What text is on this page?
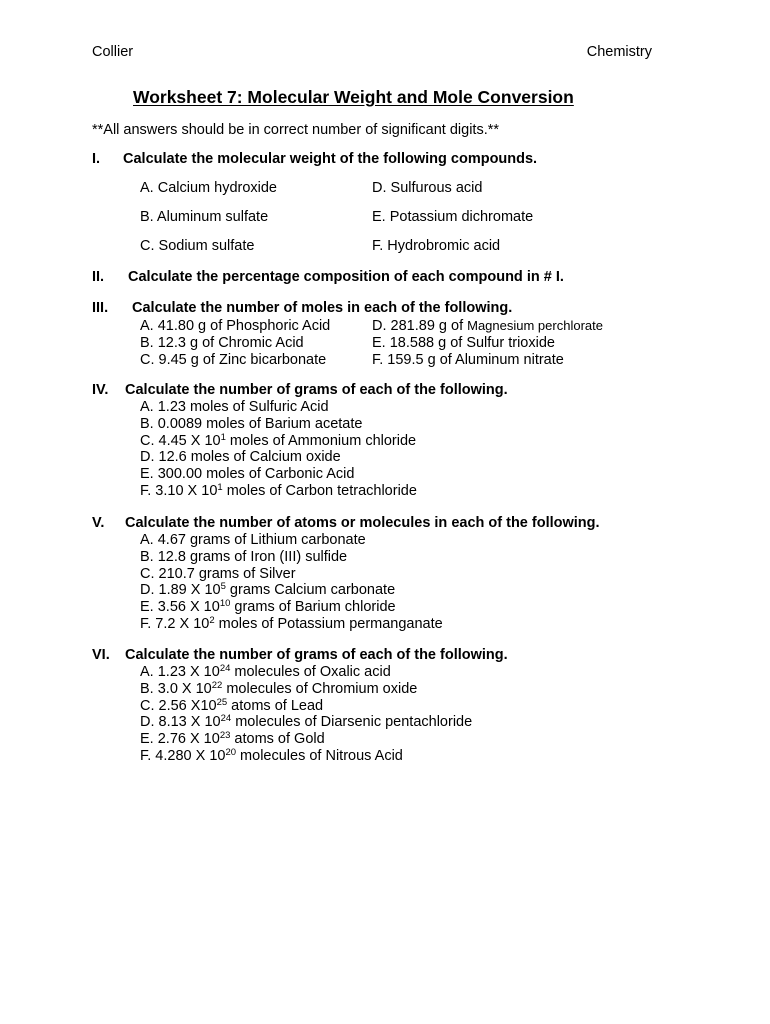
Collier	Chemistry
Worksheet 7: Molecular Weight and Mole Conversion
**All answers should be in correct number of significant digits.**
I. Calculate the molecular weight of the following compounds.
A. Calcium hydroxide	D. Sulfurous acid
B. Aluminum sulfate	E. Potassium dichromate
C. Sodium sulfate	F. Hydrobromic acid
II. Calculate the percentage composition of each compound in # I.
III. Calculate the number of moles in each of the following.
A. 41.80 g of Phosphoric Acid	D. 281.89 g of Magnesium perchlorate
B. 12.3 g of Chromic Acid	E. 18.588 g of Sulfur trioxide
C. 9.45 g of Zinc bicarbonate	F. 159.5 g of Aluminum nitrate
IV. Calculate the number of grams of each of the following.
A. 1.23 moles of Sulfuric Acid
B. 0.0089 moles of Barium acetate
C. 4.45 X $10^1$ moles of Ammonium chloride
D. 12.6 moles of Calcium oxide
E. 300.00 moles of Carbonic Acid
F. 3.10 X $10^1$ moles of Carbon tetrachloride
V. Calculate the number of atoms or molecules in each of the following.
A. 4.67 grams of Lithium carbonate
B. 12.8 grams of Iron (III) sulfide
C. 210.7 grams of Silver
D. 1.89 X $10^5$ grams Calcium carbonate
E. 3.56 X $10^{10}$ grams of Barium chloride
F. 7.2 X $10^2$ moles of Potassium permanganate
VI. Calculate the number of grams of each of the following.
A. 1.23 X $10^{24}$ molecules of Oxalic acid
B. 3.0 X $10^{22}$ molecules of Chromium oxide
C. 2.56 $X10^{25}$ atoms of Lead
D. 8.13 X $10^{24}$ molecules of Diarsenic pentachloride
E. 2.76 X $10^{23}$ atoms of Gold
F. 4.280 X $10^{20}$ molecules of Nitrous Acid
